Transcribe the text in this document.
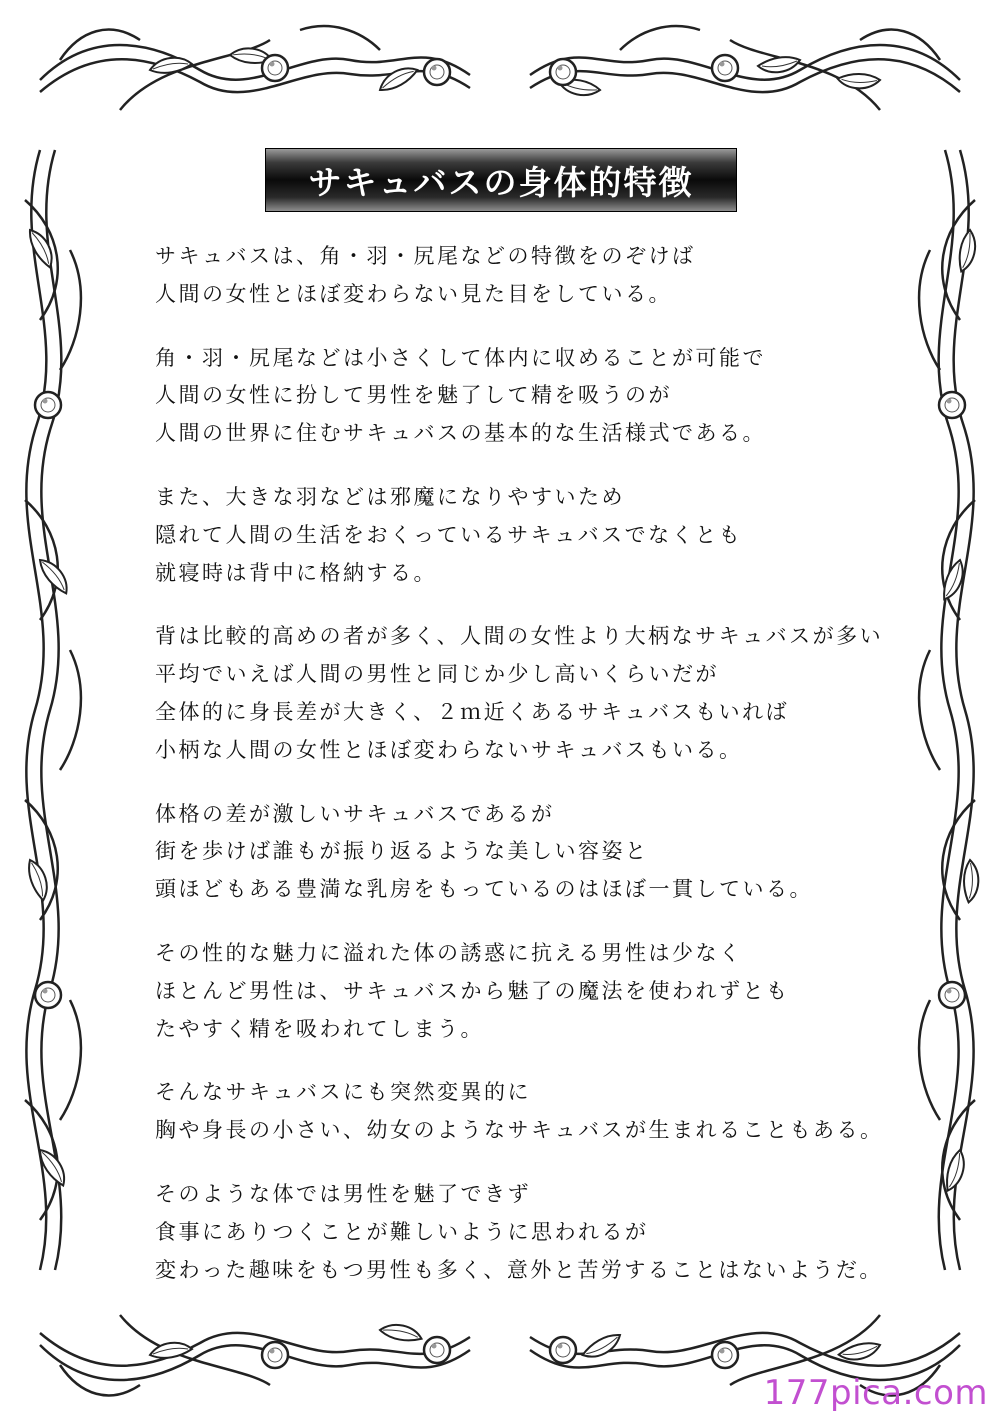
サキュバスの身体的特徴
サキュバスは、角・羽・尻尾などの特徴をのぞけば
人間の女性とほぼ変わらない見た目をしている。
角・羽・尻尾などは小さくして体内に収めることが可能で
人間の女性に扮して男性を魅了して精を吸うのが
人間の世界に住むサキュバスの基本的な生活様式である。
また、大きな羽などは邪魔になりやすいため
隠れて人間の生活をおくっているサキュバスでなくとも
就寝時は背中に格納する。
背は比較的高めの者が多く、人間の女性より大柄なサキュバスが多い
平均でいえば人間の男性と同じか少し高いくらいだが
全体的に身長差が大きく、２ｍ近くあるサキュバスもいれば
小柄な人間の女性とほぼ変わらないサキュバスもいる。
体格の差が激しいサキュバスであるが
街を歩けば誰もが振り返るような美しい容姿と
頭ほどもある豊満な乳房をもっているのはほぼ一貫している。
その性的な魅力に溢れた体の誘惑に抗える男性は少なく
ほとんど男性は、サキュバスから魅了の魔法を使われずとも
たやすく精を吸われてしまう。
そんなサキュバスにも突然変異的に
胸や身長の小さい、幼女のようなサキュバスが生まれることもある。
そのような体では男性を魅了できず
食事にありつくことが難しいように思われるが
変わった趣味をもつ男性も多く、意外と苦労することはないようだ。
177pica.com
